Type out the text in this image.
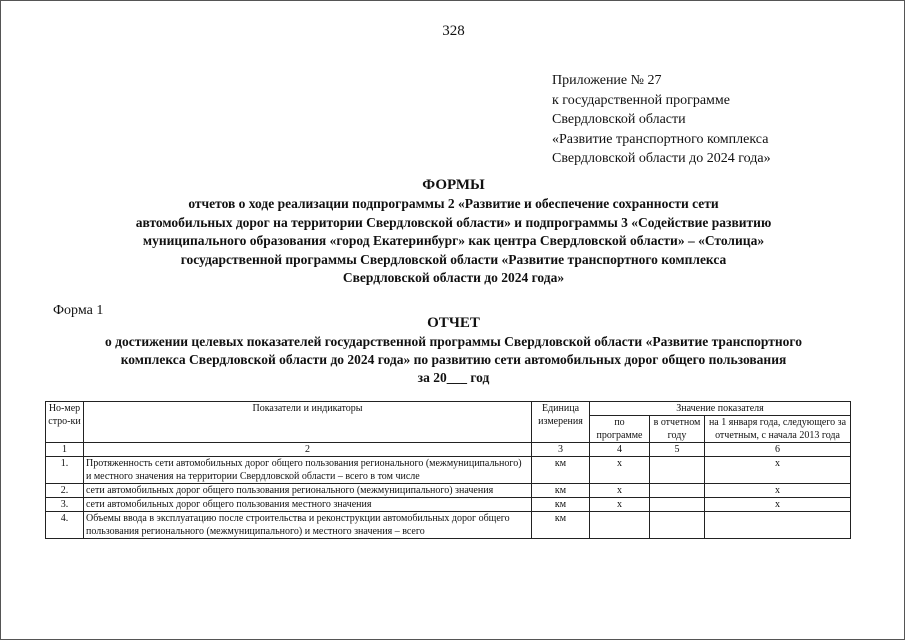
328
Приложение № 27
к государственной программе
Свердловской области
«Развитие транспортного комплекса
Свердловской области до 2024 года»
ФОРМЫ
отчетов о ходе реализации подпрограммы 2 «Развитие и обеспечение сохранности сети
автомобильных дорог на территории Свердловской области» и подпрограммы 3 «Содействие развитию
муниципального образования «город Екатеринбург» как центра Свердловской области» – «Столица»
государственной программы Свердловской области «Развитие транспортного комплекса
Свердловской области до 2024 года»
Форма 1
ОТЧЕТ
о достижении целевых показателей государственной программы Свердловской области «Развитие транспортного
комплекса Свердловской области до 2024 года» по развитию сети автомобильных дорог общего пользования
за 20___ год
Но-мер стро-ки	Показатели и индикаторы	Единица измерения	Значение показателя		
			по программе	в отчетном году	на 1 января года, следующего за отчетным, с начала 2013 года
1	2	3	4	5	6
1.	Протяженность сети автомобильных дорог общего пользования регионального (межмуниципального) и местного значения на территории Свердловской области – всего в том числе	км	х		х
2.	сети автомобильных дорог общего пользования регионального (межмуниципального) значения	км	х		х
3.	сети автомобильных дорог общего пользования местного значения	км	х		х
4.	Объемы ввода в эксплуатацию после строительства и реконструкции автомобильных дорог общего пользования регионального (межмуниципального) и местного значения – всего	км			
